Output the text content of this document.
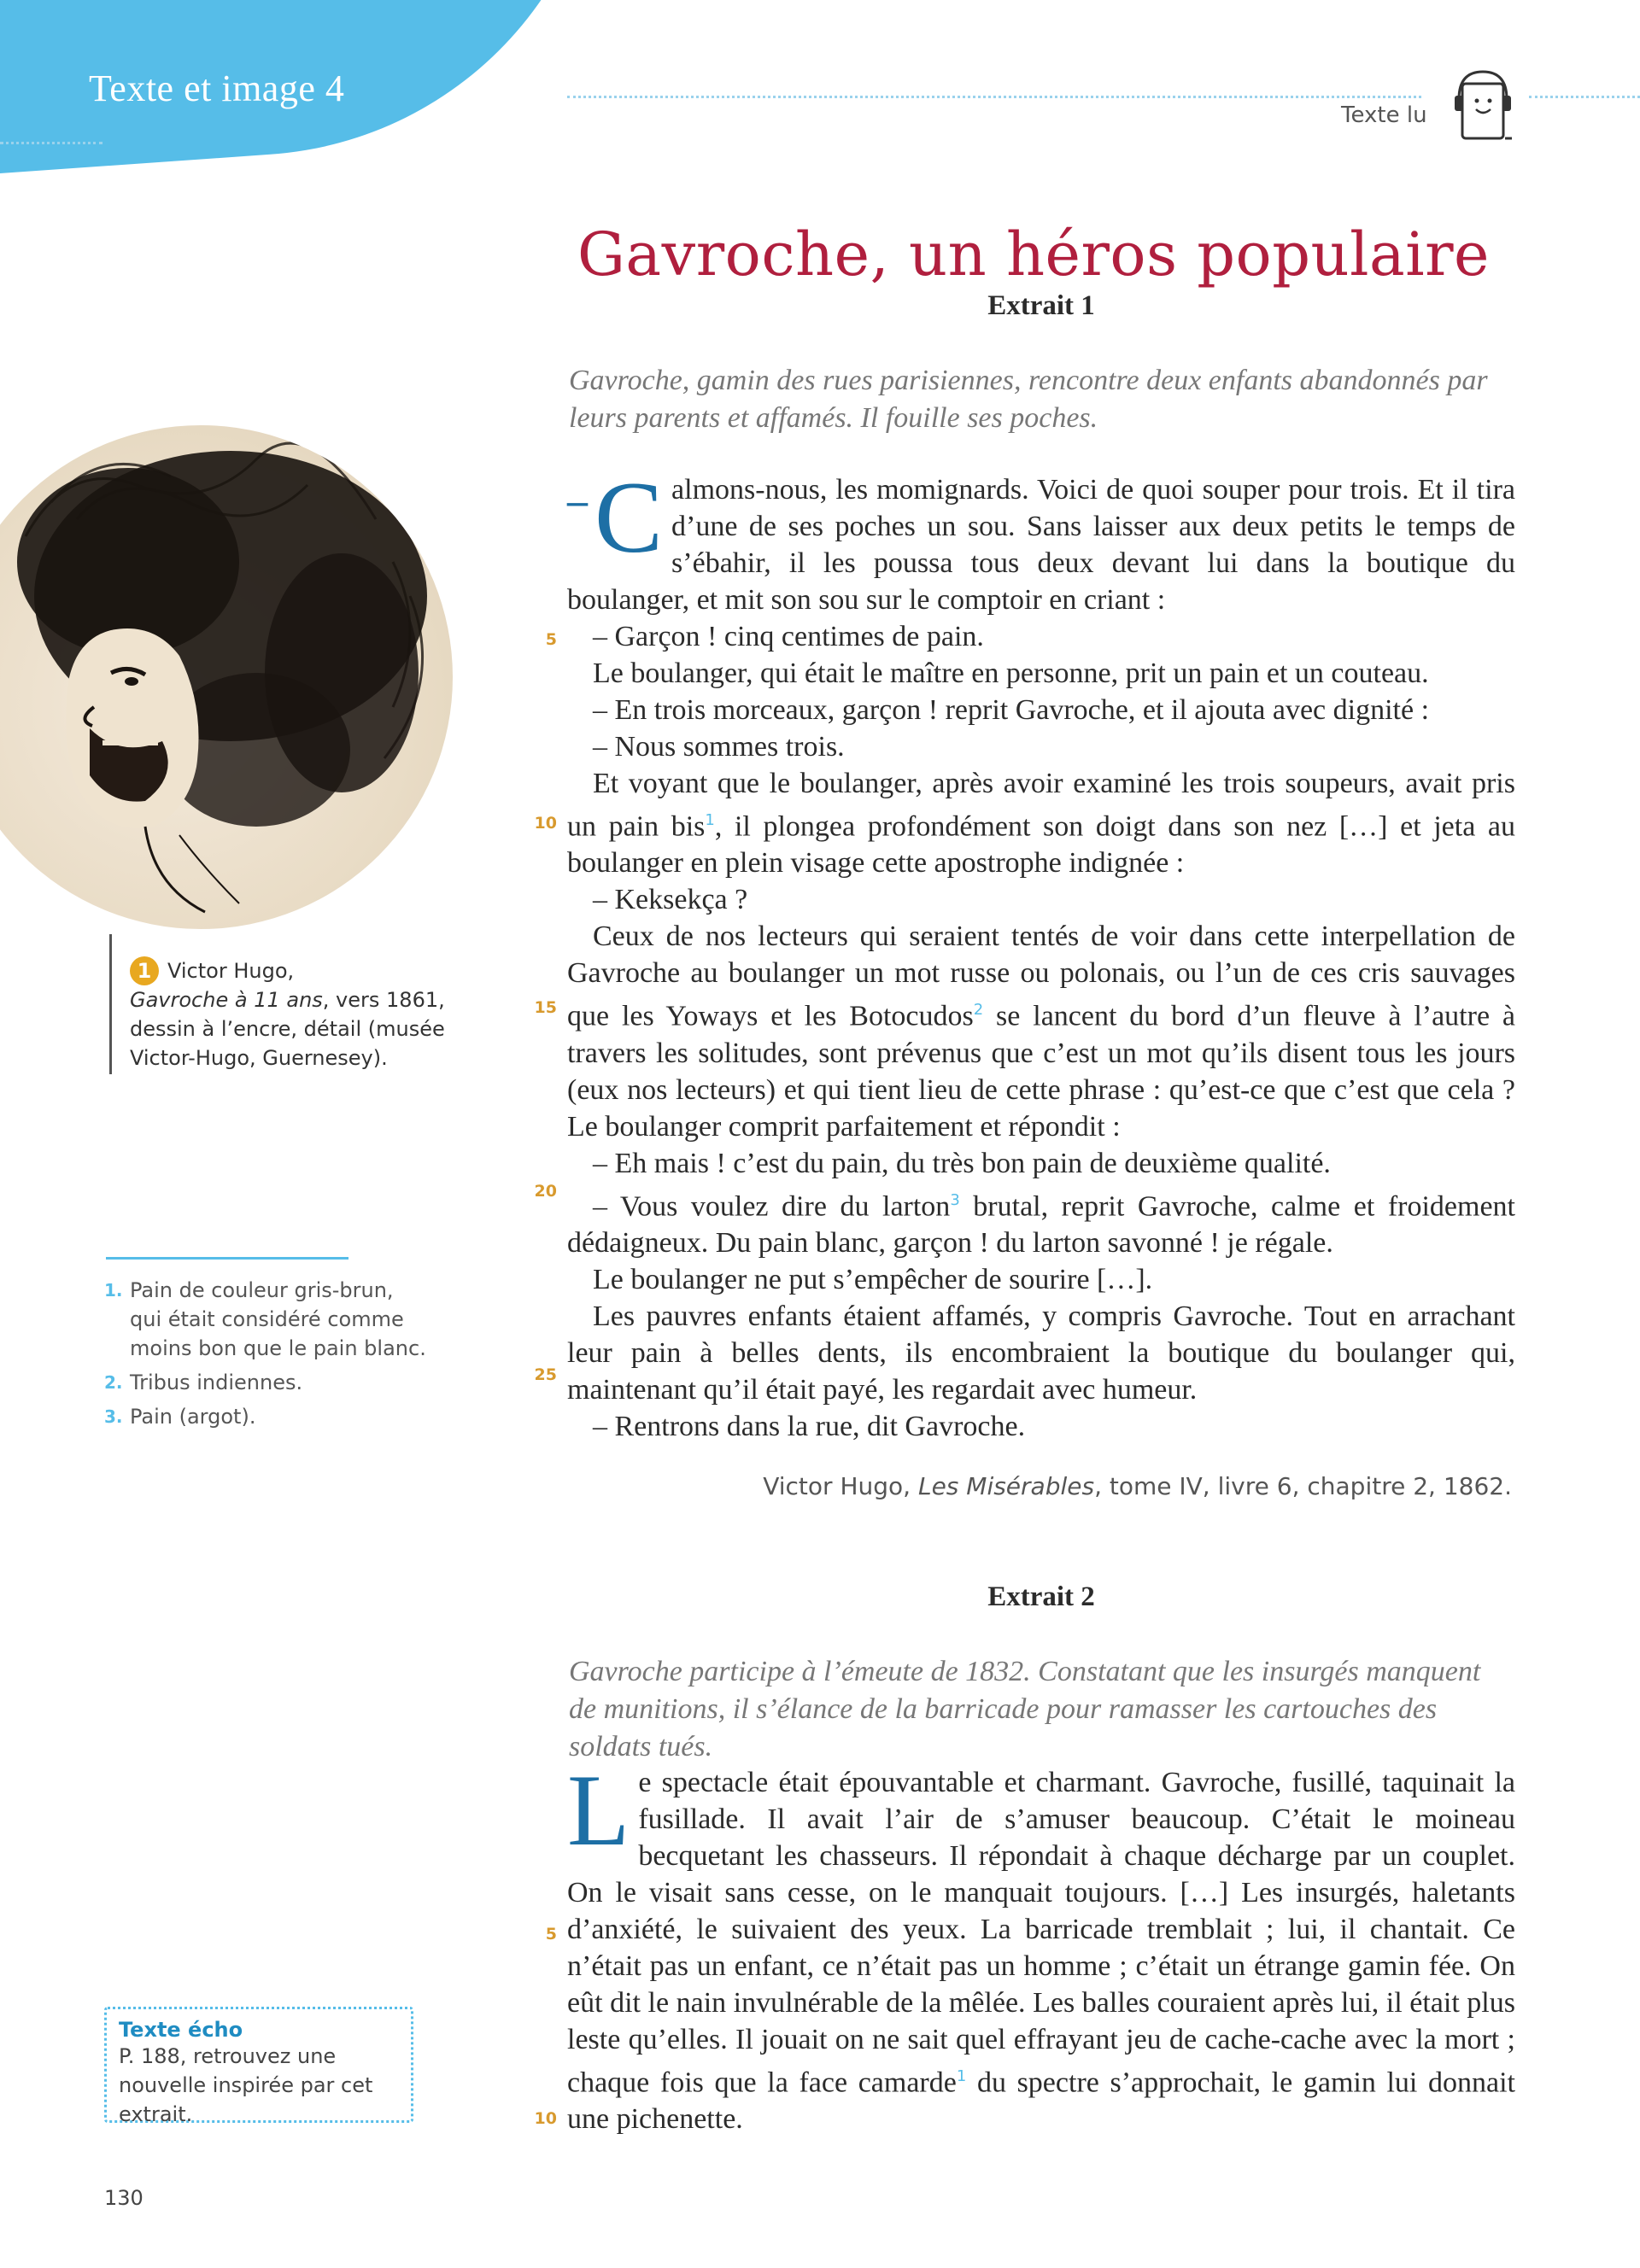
Texte et image 4
Texte lu
Gavroche, un héros populaire
Extrait 1
Gavroche, gamin des rues parisiennes, rencontre deux enfants abandonnés par leurs parents et affamés. Il fouille ses poches.
5
10
15
20
25

– C almons-nous, les momignards. Voici de quoi souper pour trois. Et il tira d’une de ses poches un sou. Sans laisser aux deux petits le temps de s’ébahir, il les poussa tous deux devant lui dans la boutique du boulanger, et mit son sou sur le comptoir en criant :

– Garçon ! cinq centimes de pain.

Le boulanger, qui était le maître en personne, prit un pain et un couteau.

– En trois morceaux, garçon ! reprit Gavroche, et il ajouta avec dignité :

– Nous sommes trois.

Et voyant que le boulanger, après avoir examiné les trois soupeurs, avait pris un pain bis$^1$, il plongea profondément son doigt dans son nez […] et jeta au boulanger en plein visage cette apostrophe indignée :

– Keksekça ?

Ceux de nos lecteurs qui seraient tentés de voir dans cette interpellation de Gavroche au boulanger un mot russe ou polonais, ou l’un de ces cris sauvages que les Yoways et les Botocudos$^2$ se lancent du bord d’un fleuve à l’autre à travers les solitudes, sont prévenus que c’est un mot qu’ils disent tous les jours (eux nos lecteurs) et qui tient lieu de cette phrase : qu’est-ce que c’est que cela ? Le boulanger comprit parfaitement et répondit :

– Eh mais ! c’est du pain, du très bon pain de deuxième qualité.

– Vous voulez dire du larton$^3$ brutal, reprit Gavroche, calme et froidement dédaigneux. Du pain blanc, garçon ! du larton savonné ! je régale.

Le boulanger ne put s’empêcher de sourire […].

Les pauvres enfants étaient affamés, y compris Gavroche. Tout en arrachant leur pain à belles dents, ils encombraient la boutique du boulanger qui, maintenant qu’il était payé, les regardait avec humeur.

– Rentrons dans la rue, dit Gavroche.

Victor Hugo, Les Misérables, tome IV, livre 6, chapitre 2, 1862.
Extrait 2
Gavroche participe à l’émeute de 1832. Constatant que les insurgés manquent de munitions, il s’élance de la barricade pour ramasser les cartouches des soldats tués.
5
10

Le spectacle était épouvantable et charmant. Gavroche, fusillé, taquinait la fusillade. Il avait l’air de s’amuser beaucoup. C’était le moineau becquetant les chasseurs. Il répondait à chaque décharge par un couplet. On le visait sans cesse, on le manquait toujours. […] Les insurgés, haletants d’anxiété, le suivaient des yeux. La barricade tremblait ; lui, il chantait. Ce n’était pas un enfant, ce n’était pas un homme ; c’était un étrange gamin fée. On eût dit le nain invulnérable de la mêlée. Les balles couraient après lui, il était plus leste qu’elles. Il jouait on ne sait quel effrayant jeu de cache-cache avec la mort ; chaque fois que la face camarde$^1$ du spectre s’approchait, le gamin lui donnait une pichenette.

1 Victor Hugo,
Gavroche à 11 ans, vers 1861, dessin à l’encre, détail (musée Victor-Hugo, Guernesey).
1. Pain de couleur gris-brun, qui était considéré comme moins bon que le pain blanc.
2. Tribus indiennes.
3. Pain (argot).
Texte écho
P. 188, retrouvez une nouvelle inspirée par cet extrait.
130
